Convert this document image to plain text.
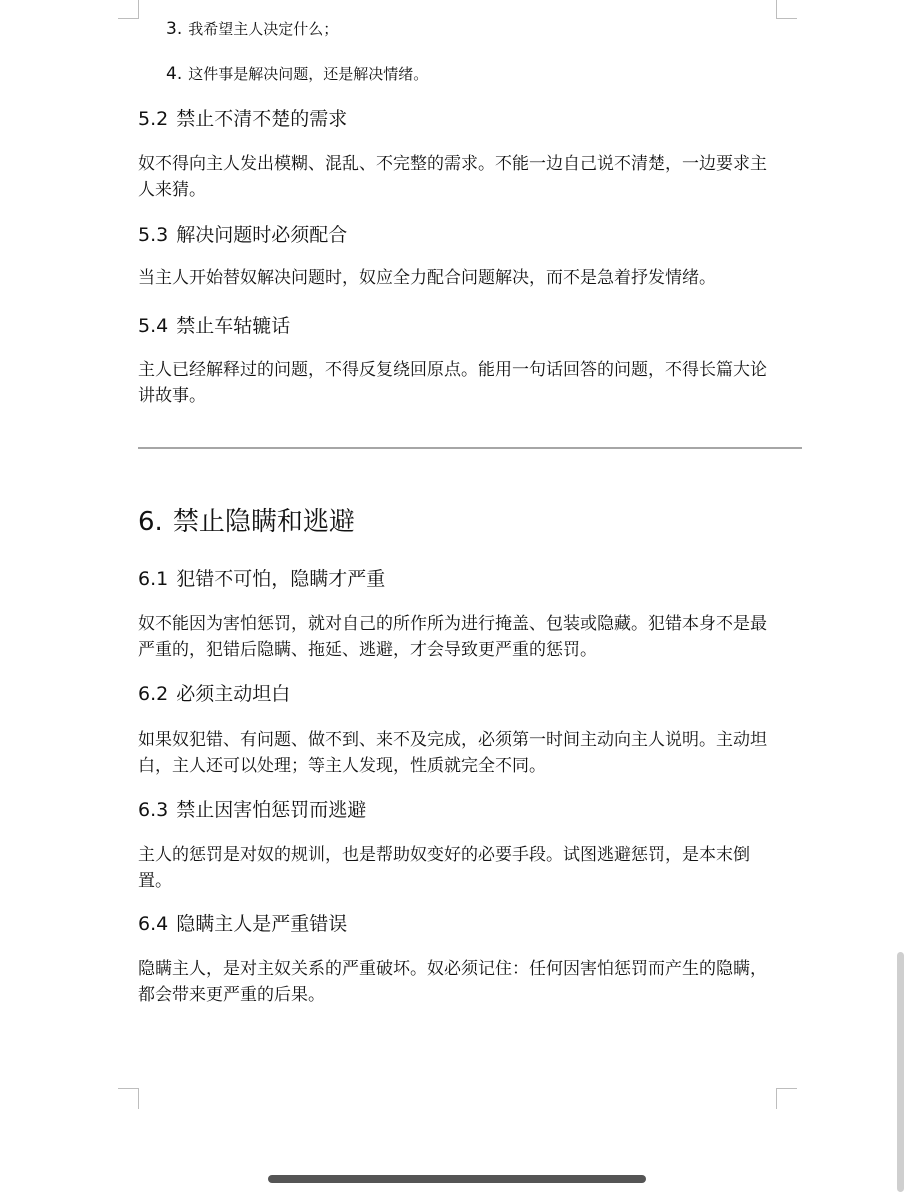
3. 我希望主人决定什么；
4. 这件事是解决问题，还是解决情绪。
5.2 禁止不清不楚的需求
奴不得向主人发出模糊、混乱、不完整的需求。不能一边自己说不清楚，一边要求主人来猜。
5.3 解决问题时必须配合
当主人开始替奴解决问题时，奴应全力配合问题解决，而不是急着抒发情绪。
5.4 禁止车轱辘话
主人已经解释过的问题，不得反复绕回原点。能用一句话回答的问题，不得长篇大论讲故事。
6. 禁止隐瞒和逃避
6.1 犯错不可怕，隐瞒才严重
奴不能因为害怕惩罚，就对自己的所作所为进行掩盖、包装或隐藏。犯错本身不是最严重的，犯错后隐瞒、拖延、逃避，才会导致更严重的惩罚。
6.2 必须主动坦白
如果奴犯错、有问题、做不到、来不及完成，必须第一时间主动向主人说明。主动坦白，主人还可以处理；等主人发现，性质就完全不同。
6.3 禁止因害怕惩罚而逃避
主人的惩罚是对奴的规训，也是帮助奴变好的必要手段。试图逃避惩罚，是本末倒置。
6.4 隐瞒主人是严重错误
隐瞒主人，是对主奴关系的严重破坏。奴必须记住：任何因害怕惩罚而产生的隐瞒，都会带来更严重的后果。
